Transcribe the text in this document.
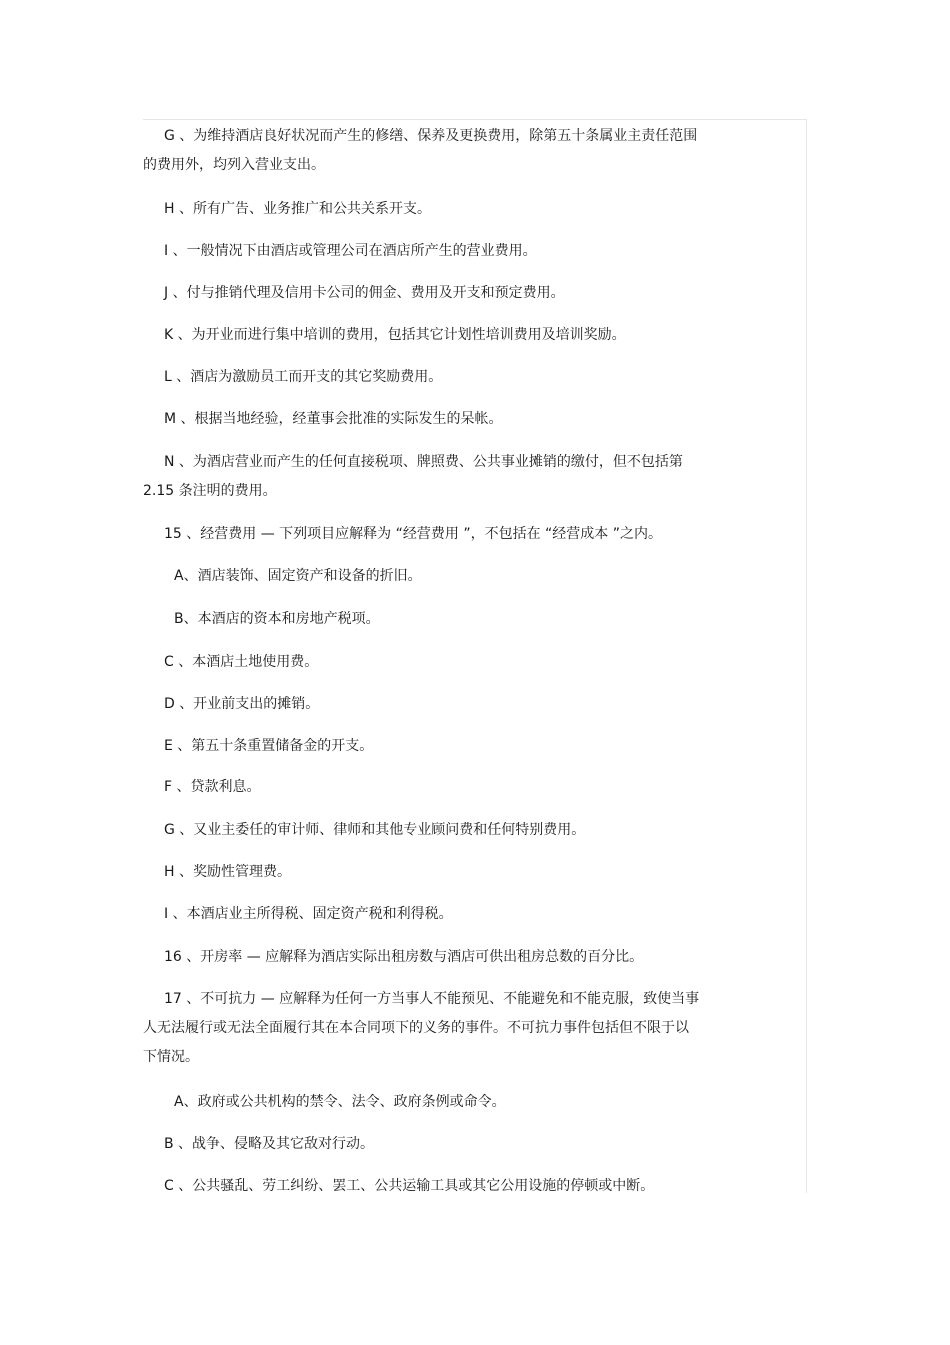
G 、为维持酒店良好状况而产生的修缮、保养及更换费用，除第五十条属业主责任范围
的费用外，均列入营业支出。
H 、所有广告、业务推广和公共关系开支。
I 、一般情况下由酒店或管理公司在酒店所产生的营业费用。
J 、付与推销代理及信用卡公司的佣金、费用及开支和预定费用。
K 、为开业而进行集中培训的费用，包括其它计划性培训费用及培训奖励。
L 、酒店为激励员工而开支的其它奖励费用。
M 、根据当地经验，经董事会批准的实际发生的呆帐。
N 、为酒店营业而产生的任何直接税项、牌照费、公共事业摊销的缴付，但不包括第
2.15 条注明的费用。
15 、经营费用 — 下列项目应解释为 “经营费用 ”，不包括在 “经营成本 ”之内。
A、酒店装饰、固定资产和设备的折旧。
B、本酒店的资本和房地产税项。
C 、本酒店土地使用费。
D 、开业前支出的摊销。
E 、第五十条重置储备金的开支。
F 、贷款利息。
G 、又业主委任的审计师、律师和其他专业顾问费和任何特别费用。
H 、奖励性管理费。
I 、本酒店业主所得税、固定资产税和利得税。
16 、开房率 — 应解释为酒店实际出租房数与酒店可供出租房总数的百分比。
17 、不可抗力 — 应解释为任何一方当事人不能预见、不能避免和不能克服，致使当事
人无法履行或无法全面履行其在本合同项下的义务的事件。不可抗力事件包括但不限于以
下情况。
A、政府或公共机构的禁令、法令、政府条例或命令。
B 、战争、侵略及其它敌对行动。
C 、公共骚乱、劳工纠纷、罢工、公共运输工具或其它公用设施的停顿或中断。
